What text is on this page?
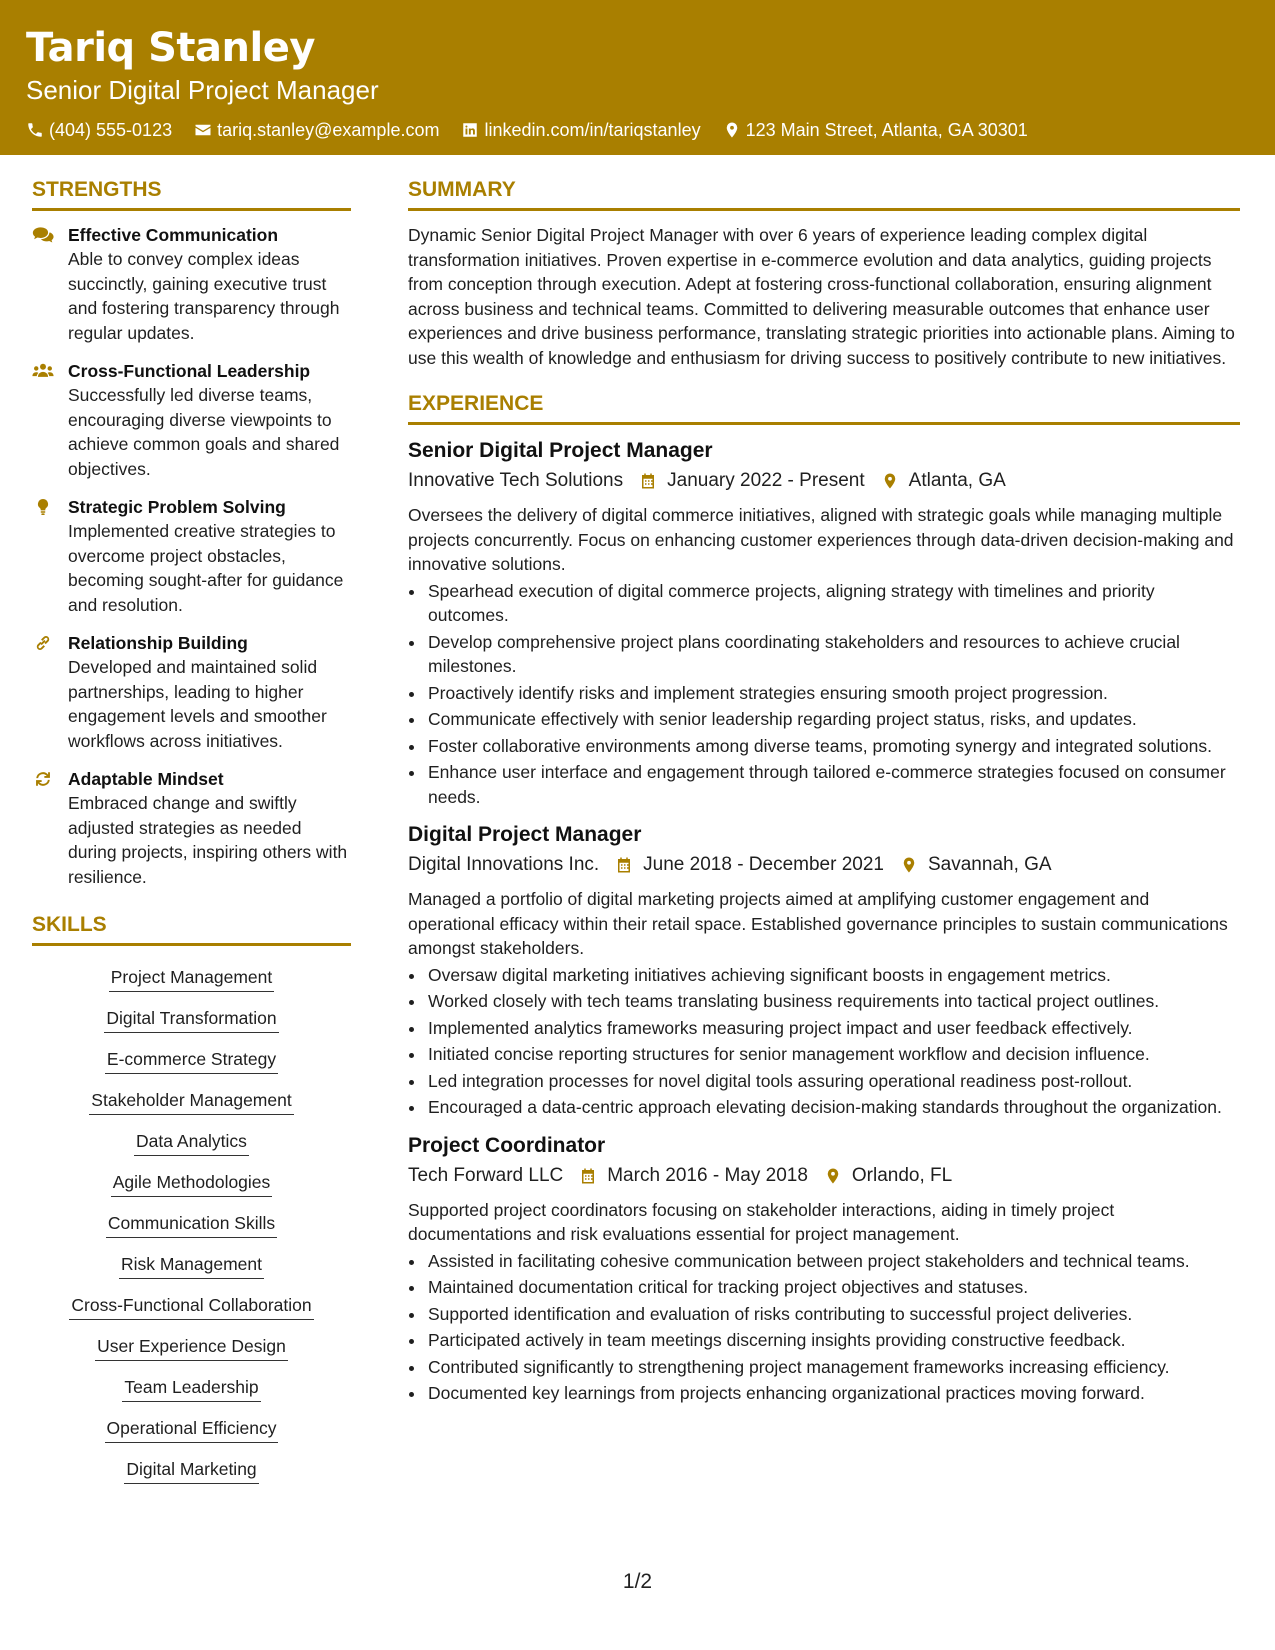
Tariq Stanley
Senior Digital Project Manager
(404) 555-0123	tariq.stanley@example.com	linkedin.com/in/tariqstanley	123 Main Street, Atlanta, GA 30301
STRENGTHS
Effective Communication
Able to convey complex ideas succinctly, gaining executive trust and fostering transparency through regular updates.
Cross-Functional Leadership
Successfully led diverse teams, encouraging diverse viewpoints to achieve common goals and shared objectives.
Strategic Problem Solving
Implemented creative strategies to overcome project obstacles, becoming sought-after for guidance and resolution.
Relationship Building
Developed and maintained solid partnerships, leading to higher engagement levels and smoother workflows across initiatives.
Adaptable Mindset
Embraced change and swiftly adjusted strategies as needed during projects, inspiring others with resilience.
SKILLS
Project Management
Digital Transformation
E-commerce Strategy
Stakeholder Management
Data Analytics
Agile Methodologies
Communication Skills
Risk Management
Cross-Functional Collaboration
User Experience Design
Team Leadership
Operational Efficiency
Digital Marketing
SUMMARY
Dynamic Senior Digital Project Manager with over 6 years of experience leading complex digital transformation initiatives. Proven expertise in e-commerce evolution and data analytics, guiding projects from conception through execution. Adept at fostering cross-functional collaboration, ensuring alignment across business and technical teams. Committed to delivering measurable outcomes that enhance user experiences and drive business performance, translating strategic priorities into actionable plans. Aiming to use this wealth of knowledge and enthusiasm for driving success to positively contribute to new initiatives.
EXPERIENCE
Senior Digital Project Manager
Innovative Tech Solutions January 2022 - Present Atlanta, GA
Oversees the delivery of digital commerce initiatives, aligned with strategic goals while managing multiple projects concurrently. Focus on enhancing customer experiences through data-driven decision-making and innovative solutions.
• Spearhead execution of digital commerce projects, aligning strategy with timelines and priority outcomes.
• Develop comprehensive project plans coordinating stakeholders and resources to achieve crucial milestones.
• Proactively identify risks and implement strategies ensuring smooth project progression.
• Communicate effectively with senior leadership regarding project status, risks, and updates.
• Foster collaborative environments among diverse teams, promoting synergy and integrated solutions.
• Enhance user interface and engagement through tailored e-commerce strategies focused on consumer needs.
Digital Project Manager
Digital Innovations Inc. June 2018 - December 2021 Savannah, GA
Managed a portfolio of digital marketing projects aimed at amplifying customer engagement and operational efficacy within their retail space. Established governance principles to sustain communications amongst stakeholders.
• Oversaw digital marketing initiatives achieving significant boosts in engagement metrics.
• Worked closely with tech teams translating business requirements into tactical project outlines.
• Implemented analytics frameworks measuring project impact and user feedback effectively.
• Initiated concise reporting structures for senior management workflow and decision influence.
• Led integration processes for novel digital tools assuring operational readiness post-rollout.
• Encouraged a data-centric approach elevating decision-making standards throughout the organization.
Project Coordinator
Tech Forward LLC March 2016 - May 2018 Orlando, FL
Supported project coordinators focusing on stakeholder interactions, aiding in timely project documentations and risk evaluations essential for project management.
• Assisted in facilitating cohesive communication between project stakeholders and technical teams.
• Maintained documentation critical for tracking project objectives and statuses.
• Supported identification and evaluation of risks contributing to successful project deliveries.
• Participated actively in team meetings discerning insights providing constructive feedback.
• Contributed significantly to strengthening project management frameworks increasing efficiency.
• Documented key learnings from projects enhancing organizational practices moving forward.
1/2
